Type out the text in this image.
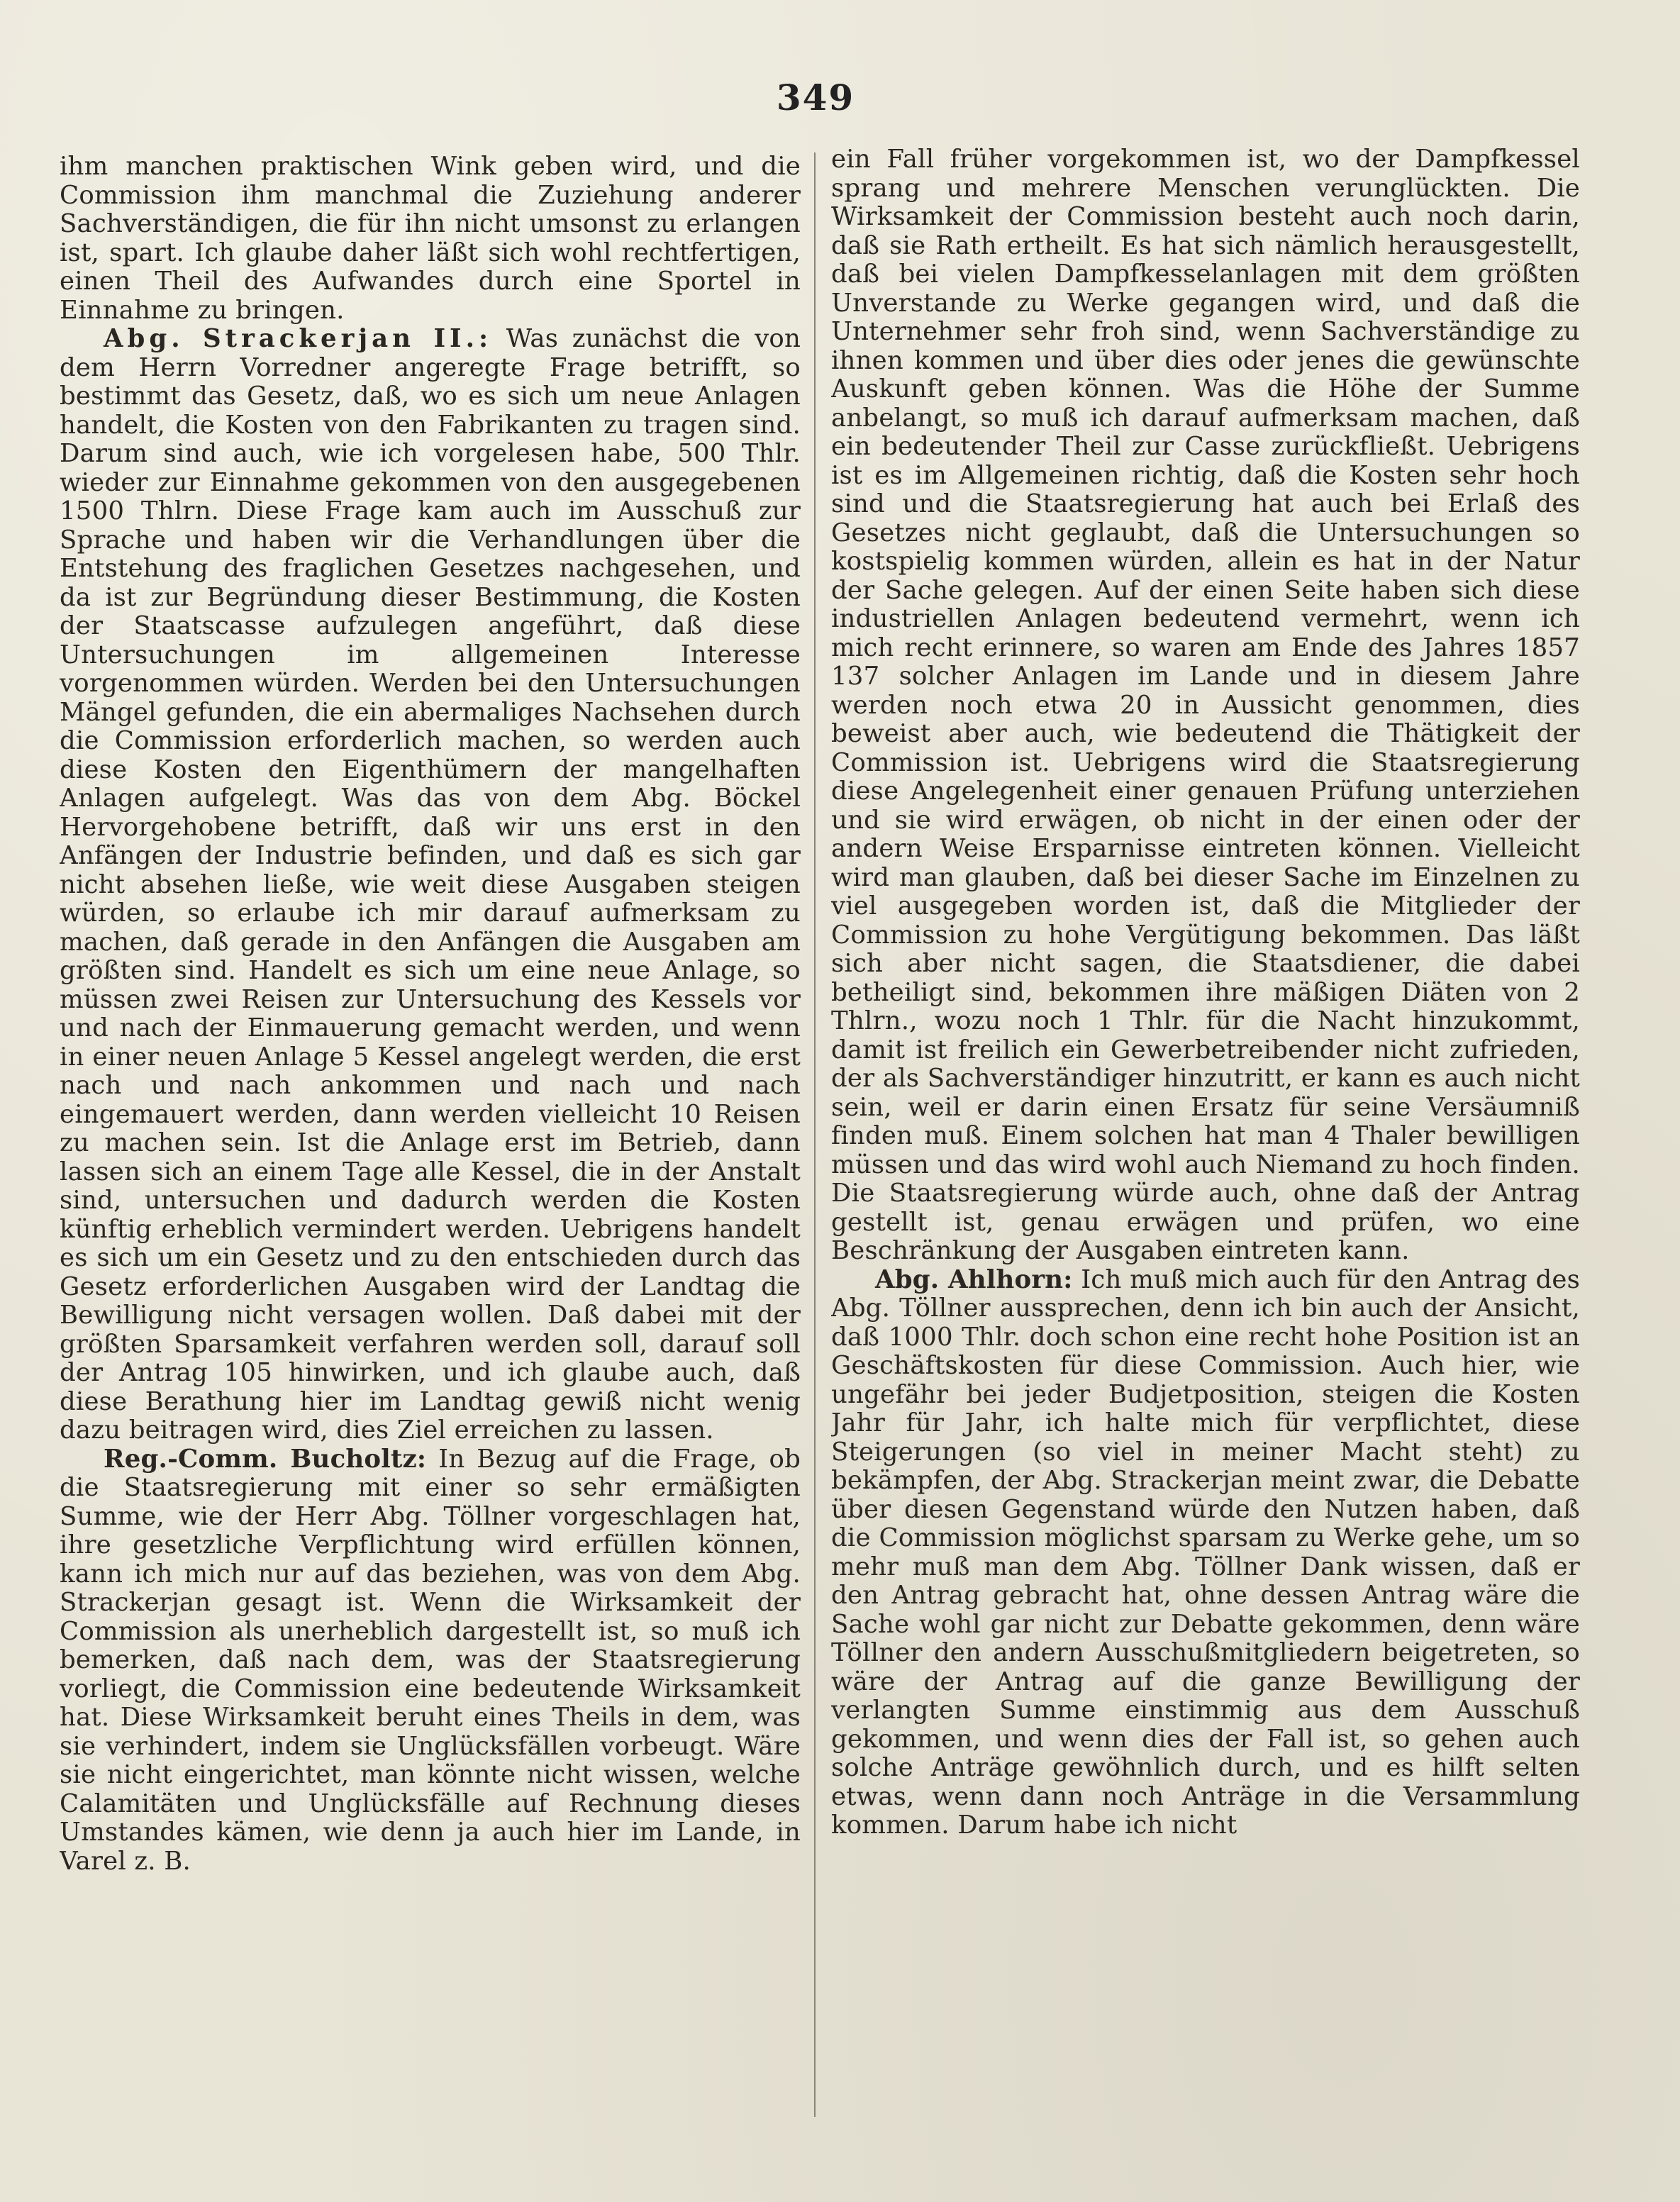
349

ihm manchen praktischen Wink geben wird, und die Commission ihm manchmal die Zuziehung anderer Sachverständigen, die für ihn nicht umsonst zu erlangen ist, spart. Ich glaube daher läßt sich wohl rechtfertigen, einen Theil des Aufwandes durch eine Sportel in Einnahme zu bringen.

Abg. Strackerjan II.: Was zunächst die von dem Herrn Vorredner angeregte Frage betrifft, so bestimmt das Gesetz, daß, wo es sich um neue Anlagen handelt, die Kosten von den Fabrikanten zu tragen sind. Darum sind auch, wie ich vorgelesen habe, 500 Thlr. wieder zur Einnahme gekommen von den ausgegebenen 1500 Thlrn. Diese Frage kam auch im Ausschuß zur Sprache und haben wir die Verhandlungen über die Entstehung des fraglichen Gesetzes nachgesehen, und da ist zur Begründung dieser Bestimmung, die Kosten der Staatscasse aufzulegen angeführt, daß diese Untersuchungen im allgemeinen Interesse vorgenommen würden. Werden bei den Untersuchungen Mängel gefunden, die ein abermaliges Nachsehen durch die Commission erforderlich machen, so werden auch diese Kosten den Eigenthümern der mangelhaften Anlagen aufgelegt. Was das von dem Abg. Böckel Hervorgehobene betrifft, daß wir uns erst in den Anfängen der Industrie befinden, und daß es sich gar nicht absehen ließe, wie weit diese Ausgaben steigen würden, so erlaube ich mir darauf aufmerksam zu machen, daß gerade in den Anfängen die Ausgaben am größten sind. Handelt es sich um eine neue Anlage, so müssen zwei Reisen zur Untersuchung des Kessels vor und nach der Einmauerung gemacht werden, und wenn in einer neuen Anlage 5 Kessel angelegt werden, die erst nach und nach ankommen und nach und nach eingemauert werden, dann werden vielleicht 10 Reisen zu machen sein. Ist die Anlage erst im Betrieb, dann lassen sich an einem Tage alle Kessel, die in der Anstalt sind, untersuchen und dadurch werden die Kosten künftig erheblich vermindert werden. Uebrigens handelt es sich um ein Gesetz und zu den entschieden durch das Gesetz erforderlichen Ausgaben wird der Landtag die Bewilligung nicht versagen wollen. Daß dabei mit der größten Sparsamkeit verfahren werden soll, darauf soll der Antrag 105 hinwirken, und ich glaube auch, daß diese Berathung hier im Landtag gewiß nicht wenig dazu beitragen wird, dies Ziel erreichen zu lassen.

Reg.-Comm. Bucholtz: In Bezug auf die Frage, ob die Staatsregierung mit einer so sehr ermäßigten Summe, wie der Herr Abg. Töllner vorgeschlagen hat, ihre gesetzliche Verpflichtung wird erfüllen können, kann ich mich nur auf das beziehen, was von dem Abg. Strackerjan gesagt ist. Wenn die Wirksamkeit der Commission als unerheblich dargestellt ist, so muß ich bemerken, daß nach dem, was der Staatsregierung vorliegt, die Commission eine bedeutende Wirksamkeit hat. Diese Wirksamkeit beruht eines Theils in dem, was sie verhindert, indem sie Unglücksfällen vorbeugt. Wäre sie nicht eingerichtet, man könnte nicht wissen, welche Calamitäten und Unglücksfälle auf Rechnung dieses Umstandes kämen, wie denn ja auch hier im Lande, in Varel z. B.

ein Fall früher vorgekommen ist, wo der Dampfkessel sprang und mehrere Menschen verunglückten. Die Wirksamkeit der Commission besteht auch noch darin, daß sie Rath ertheilt. Es hat sich nämlich herausgestellt, daß bei vielen Dampfkesselanlagen mit dem größten Unverstande zu Werke gegangen wird, und daß die Unternehmer sehr froh sind, wenn Sachverständige zu ihnen kommen und über dies oder jenes die gewünschte Auskunft geben können. Was die Höhe der Summe anbelangt, so muß ich darauf aufmerksam machen, daß ein bedeutender Theil zur Casse zurückfließt. Uebrigens ist es im Allgemeinen richtig, daß die Kosten sehr hoch sind und die Staatsregierung hat auch bei Erlaß des Gesetzes nicht geglaubt, daß die Untersuchungen so kostspielig kommen würden, allein es hat in der Natur der Sache gelegen. Auf der einen Seite haben sich diese industriellen Anlagen bedeutend vermehrt, wenn ich mich recht erinnere, so waren am Ende des Jahres 1857 137 solcher Anlagen im Lande und in diesem Jahre werden noch etwa 20 in Aussicht genommen, dies beweist aber auch, wie bedeutend die Thätigkeit der Commission ist. Uebrigens wird die Staatsregierung diese Angelegenheit einer genauen Prüfung unterziehen und sie wird erwägen, ob nicht in der einen oder der andern Weise Ersparnisse eintreten können. Vielleicht wird man glauben, daß bei dieser Sache im Einzelnen zu viel ausgegeben worden ist, daß die Mitglieder der Commission zu hohe Vergütigung bekommen. Das läßt sich aber nicht sagen, die Staatsdiener, die dabei betheiligt sind, bekommen ihre mäßigen Diäten von 2 Thlrn., wozu noch 1 Thlr. für die Nacht hinzukommt, damit ist freilich ein Gewerbetreibender nicht zufrieden, der als Sachverständiger hinzutritt, er kann es auch nicht sein, weil er darin einen Ersatz für seine Versäumniß finden muß. Einem solchen hat man 4 Thaler bewilligen müssen und das wird wohl auch Niemand zu hoch finden. Die Staatsregierung würde auch, ohne daß der Antrag gestellt ist, genau erwägen und prüfen, wo eine Beschränkung der Ausgaben eintreten kann.

Abg. Ahlhorn: Ich muß mich auch für den Antrag des Abg. Töllner aussprechen, denn ich bin auch der Ansicht, daß 1000 Thlr. doch schon eine recht hohe Position ist an Geschäftskosten für diese Commission. Auch hier, wie ungefähr bei jeder Budjetposition, steigen die Kosten Jahr für Jahr, ich halte mich für verpflichtet, diese Steigerungen (so viel in meiner Macht steht) zu bekämpfen, der Abg. Strackerjan meint zwar, die Debatte über diesen Gegenstand würde den Nutzen haben, daß die Commission möglichst sparsam zu Werke gehe, um so mehr muß man dem Abg. Töllner Dank wissen, daß er den Antrag gebracht hat, ohne dessen Antrag wäre die Sache wohl gar nicht zur Debatte gekommen, denn wäre Töllner den andern Ausschußmitgliedern beigetreten, so wäre der Antrag auf die ganze Bewilligung der verlangten Summe einstimmig aus dem Ausschuß gekommen, und wenn dies der Fall ist, so gehen auch solche Anträge gewöhnlich durch, und es hilft selten etwas, wenn dann noch Anträge in die Versammlung kommen. Darum habe ich nicht
